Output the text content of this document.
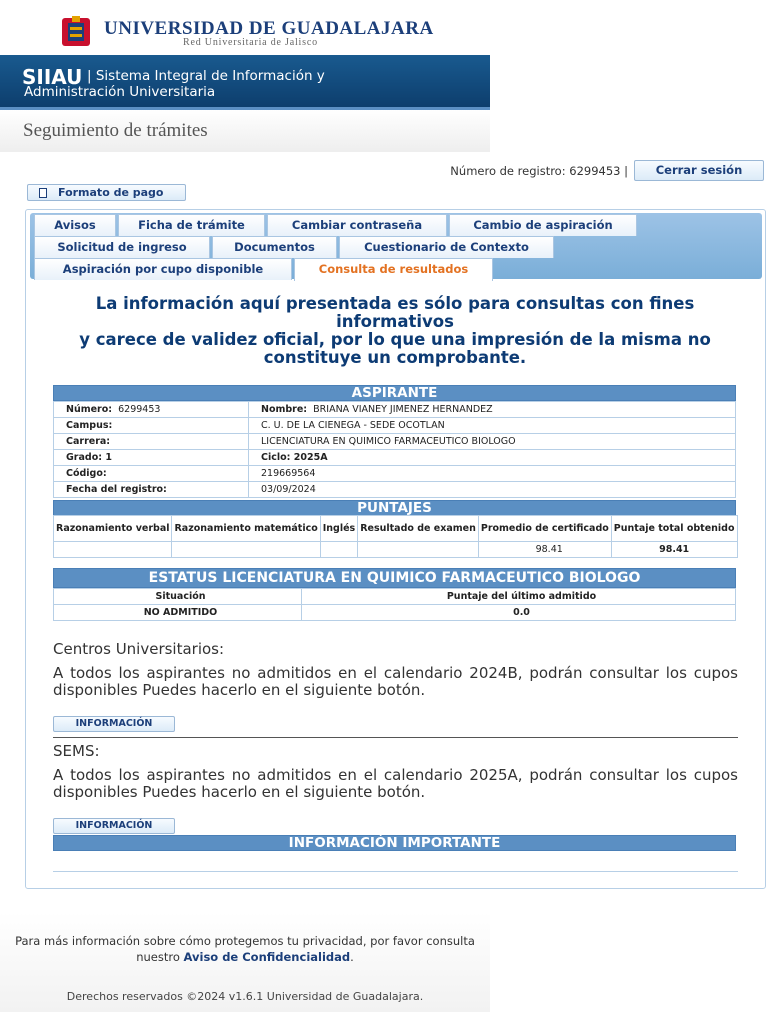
UNIVERSIDAD DE GUADALAJARA
Red Universitaria de Jalisco
| Sistema Integral de Información y
Administración Universitaria
SIIAU
Seguimiento de trámites
Número de registro: 6299453 |	Cerrar sesión
Formato de pago
Avisos	Ficha de trámite	Cambiar contraseña	Cambio de aspiración
Solicitud de ingreso	Documentos	Cuestionario de Contexto
Aspiración por cupo disponible	Consulta de resultados
La información aquí presentada es sólo para consultas con fines informativos
y carece de validez oficial, por lo que una impresión de la misma no constituye un comprobante.
ASPIRANTE
Número: 6299453	Nombre: BRIANA VIANEY JIMENEZ HERNANDEZ
Campus:	C. U. DE LA CIENEGA - SEDE OCOTLAN
Carrera:	LICENCIATURA EN QUIMICO FARMACEUTICO BIOLOGO
Grado: 1	Ciclo: 2025A
Código:	219669564
Fecha del registro:	03/09/2024
PUNTAJES
Razonamiento verbal	Razonamiento matemático	Inglés	Resultado de examen	Promedio de certificado	Puntaje total obtenido
				98.41	98.41
ESTATUS LICENCIATURA EN QUIMICO FARMACEUTICO BIOLOGO
Situación	Puntaje del último admitido
NO ADMITIDO	0.0
Centros Universitarios:
A todos los aspirantes no admitidos en el calendario 2024B, podrán consultar los cupos disponibles Puedes hacerlo en el siguiente botón.
INFORMACIÓN
SEMS:
A todos los aspirantes no admitidos en el calendario 2025A, podrán consultar los cupos disponibles Puedes hacerlo en el siguiente botón.
INFORMACIÓN
INFORMACIÓN IMPORTANTE
Para más información sobre cómo protegemos tu privacidad, por favor consulta nuestro Aviso de Confidencialidad.
Derechos reservados ©2024 v1.6.1 Universidad de Guadalajara.
